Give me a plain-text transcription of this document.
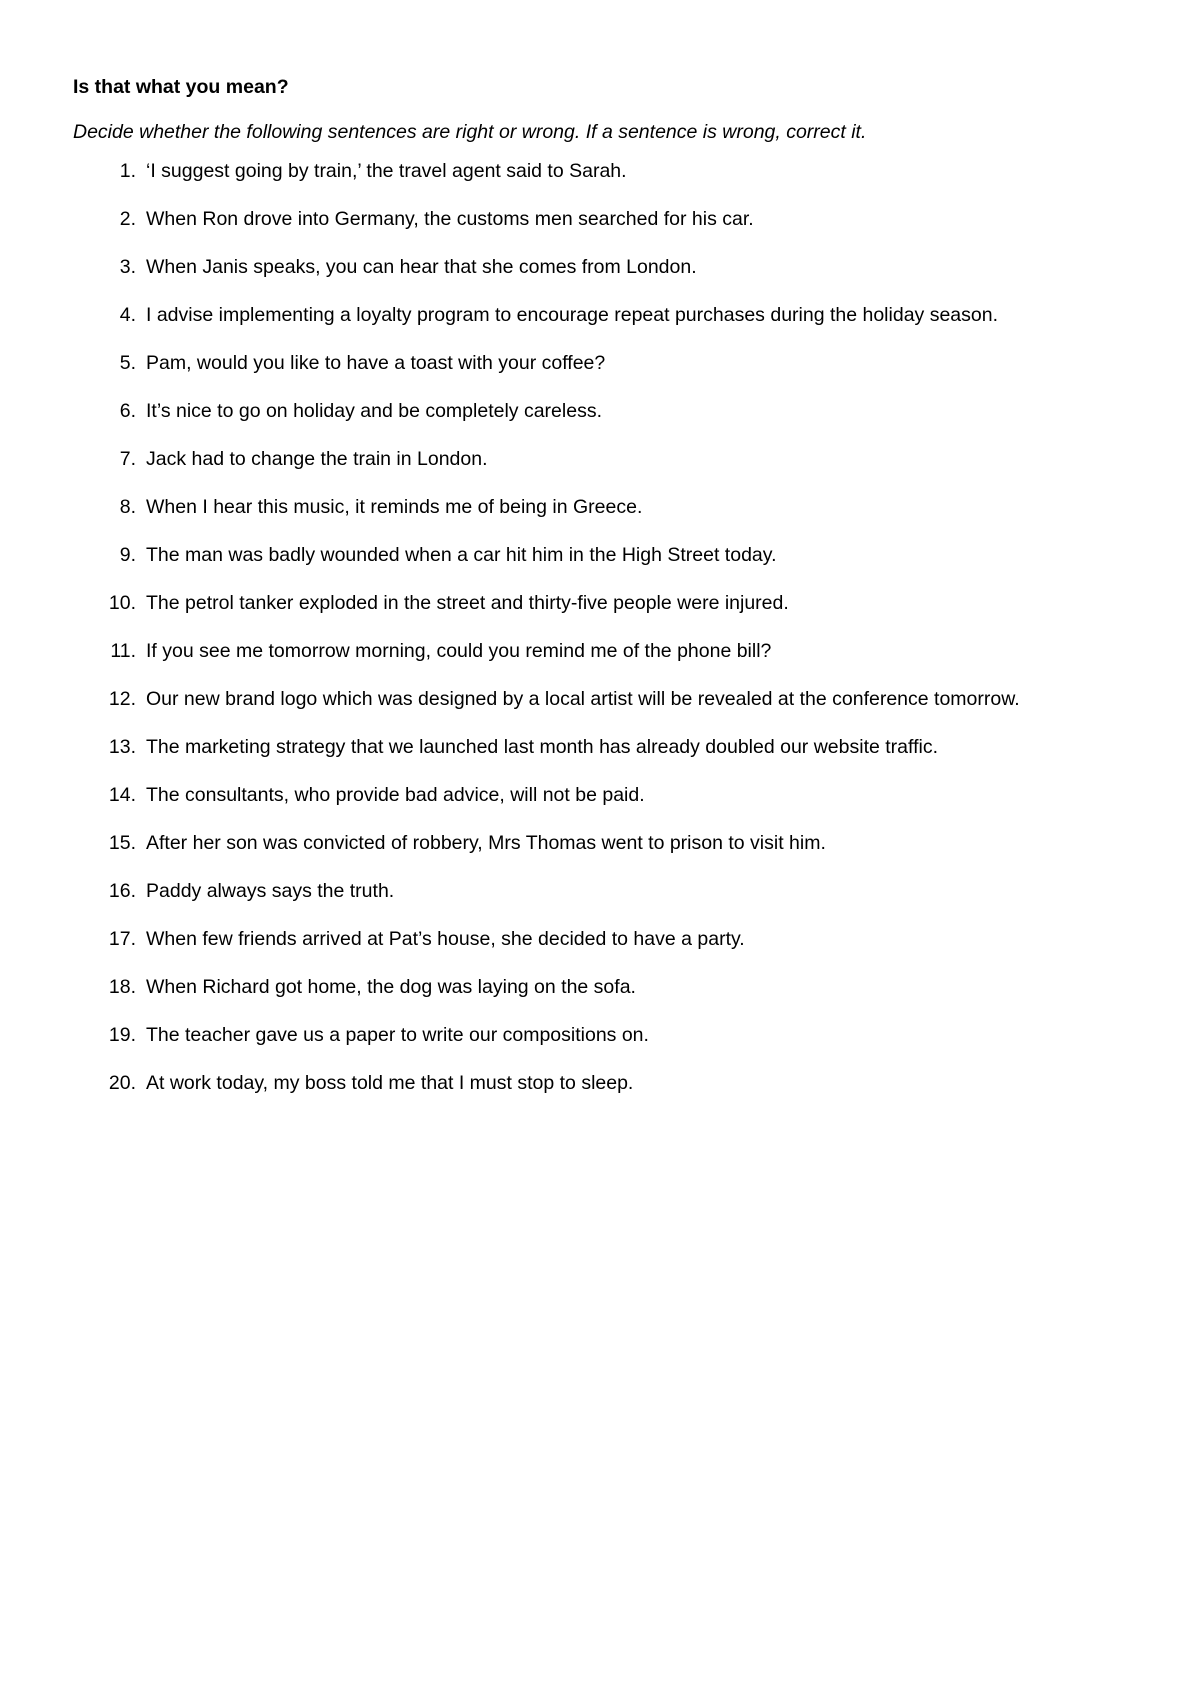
Is that what you mean?

Decide whether the following sentences are right or wrong. If a sentence is wrong, correct it.

1. ‘I suggest going by train,’ the travel agent said to Sarah.
2. When Ron drove into Germany, the customs men searched for his car.
3. When Janis speaks, you can hear that she comes from London.
4. I advise implementing a loyalty program to encourage repeat purchases during the holiday season.
5. Pam, would you like to have a toast with your coffee?
6. It’s nice to go on holiday and be completely careless.
7. Jack had to change the train in London.
8. When I hear this music, it reminds me of being in Greece.
9. The man was badly wounded when a car hit him in the High Street today.
10. The petrol tanker exploded in the street and thirty-five people were injured.
11. If you see me tomorrow morning, could you remind me of the phone bill?
12. Our new brand logo which was designed by a local artist will be revealed at the conference tomorrow.
13. The marketing strategy that we launched last month has already doubled our website traffic.
14. The consultants, who provide bad advice, will not be paid.
15. After her son was convicted of robbery, Mrs Thomas went to prison to visit him.
16. Paddy always says the truth.
17. When few friends arrived at Pat’s house, she decided to have a party.
18. When Richard got home, the dog was laying on the sofa.
19. The teacher gave us a paper to write our compositions on.
20. At work today, my boss told me that I must stop to sleep.
